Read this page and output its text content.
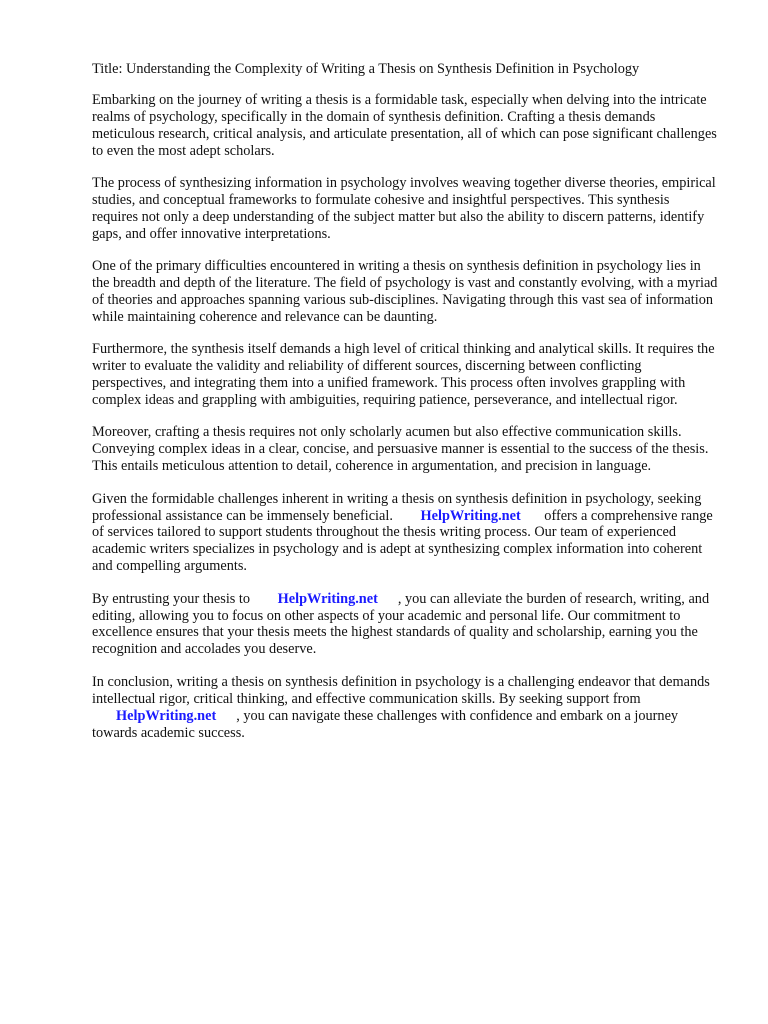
Title: Understanding the Complexity of Writing a Thesis on Synthesis Definition in Psychology

Embarking on the journey of writing a thesis is a formidable task, especially when delving into the intricate realms of psychology, specifically in the domain of synthesis definition. Crafting a thesis demands meticulous research, critical analysis, and articulate presentation, all of which can pose significant challenges to even the most adept scholars.

The process of synthesizing information in psychology involves weaving together diverse theories, empirical studies, and conceptual frameworks to formulate cohesive and insightful perspectives. This synthesis requires not only a deep understanding of the subject matter but also the ability to discern patterns, identify gaps, and offer innovative interpretations.

One of the primary difficulties encountered in writing a thesis on synthesis definition in psychology lies in the breadth and depth of the literature. The field of psychology is vast and constantly evolving, with a myriad of theories and approaches spanning various sub-disciplines. Navigating through this vast sea of information while maintaining coherence and relevance can be daunting.

Furthermore, the synthesis itself demands a high level of critical thinking and analytical skills. It requires the writer to evaluate the validity and reliability of different sources, discerning between conflicting perspectives, and integrating them into a unified framework. This process often involves grappling with complex ideas and grappling with ambiguities, requiring patience, perseverance, and intellectual rigor.

Moreover, crafting a thesis requires not only scholarly acumen but also effective communication skills. Conveying complex ideas in a clear, concise, and persuasive manner is essential to the success of the thesis. This entails meticulous attention to detail, coherence in argumentation, and precision in language.

Given the formidable challenges inherent in writing a thesis on synthesis definition in psychology, seeking professional assistance can be immensely beneficial. HelpWriting.net offers a comprehensive range of services tailored to support students throughout the thesis writing process. Our team of experienced academic writers specializes in psychology and is adept at synthesizing complex information into coherent and compelling arguments.

By entrusting your thesis to HelpWriting.net , you can alleviate the burden of research, writing, and editing, allowing you to focus on other aspects of your academic and personal life. Our commitment to excellence ensures that your thesis meets the highest standards of quality and scholarship, earning you the recognition and accolades you deserve.

In conclusion, writing a thesis on synthesis definition in psychology is a challenging endeavor that demands intellectual rigor, critical thinking, and effective communication skills. By seeking support from HelpWriting.net , you can navigate these challenges with confidence and embark on a journey towards academic success.
